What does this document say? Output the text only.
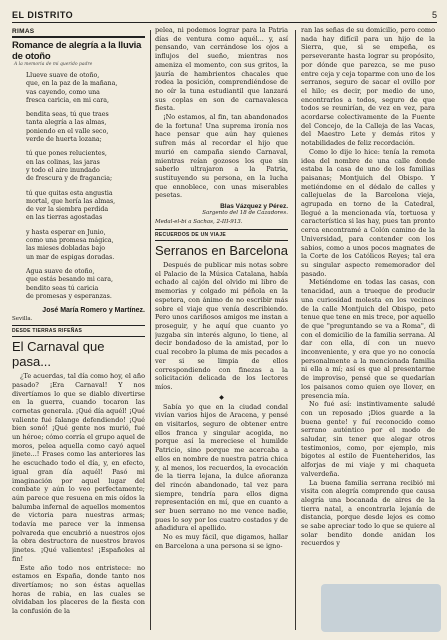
EL DISTRITO	5
RIMAS
Romance de alegría a la lluvia de otoño
A la memoria de mi querido padre
Llueve suave de otoño,
que, en la paz de la mañana,
vas cayendo, como una
fresca caricia, en mi cara,
bendita seas, tú que traes
tanta alegría a las almas,
poniendo en el valle seco,
verde de huerta lozana;
tú que pones relucientes,
en las colinas, las jaras
y todo el aire inundado
de frescura y de fragancia;
tú que quitas esta angustia
mortal, que hería las almas,
de ver la siembra perdida
en las tierras agostadas
y hasta esperar en Junio,
como una promesa mágica,
las mieses dobladas bajo
un mar de espigas doradas.
Agua suave de otoño,
que estás besando mi cara,
bendito seas tú caricia
de promesas y esperanzas.
José María Romero y Martínez.
Sevilla.
DESDE TIERRAS RIFEÑAS
El Carnaval que pasa...

¿Te acuerdas, tal día como hoy, el año pasado? ¡Era Carnaval! Y nos divertíamos lo que se diablo divertirse en la guerra, cuando tocaron las cornetas generala. ¡Qué día aquél! ¡Qué valiente fué falange defendiendo! ¡Qué bien sonó! ¡Qué gente nos murió, fué un héroe; cómo corría el grupo aquel de moros, pelea aquella como cayó aquel jinete...! Frases como las anteriores las he escuchado todo el día, y, en efecto, igual gran día aquél! Pasó mi imaginación por aquel lugar del combate y aún lo veo perfectamente; aún parece que resuena en mis oídos la balumba infernal de aquellos momentos de victoria para nuestras armas; todavía me parece ver la inmensa polvareda que encubrió a nuestros ojos la obra destructora de nuestros bravos jinetes. ¡Qué valientes! ¡Españoles al fin!

Este año todo nos entristece: no estamos en España, donde tanto nos divertíamos; no son éstas aquellas horas de rabia, en las cuales se olvidaban los placeres de la fiesta con la confusión de la

pelea, ni podemos lograr para la Patria días de ventura como aquél... y, así pensando, van cerrándose los ojos a influjos del sueño, mientras nos ameniza el momento, con sus gritos, la jauría de hambrientos chacales que rodea la posición, comprendiéndose de no oír la tuna estudiantil que lanzará sus coplas en son de carnavalesca fiesta.

¡No estamos, al fin, tan abandonados de la fortuna! Una suprema ironía nos hace pensar que aún hay quienes sufren más al recordar el hijo que murió en campaña siendo Carnaval, mientras reían gozosos los que sin saberlo ultrajaron a la Patria, sustituyendo su persona, en la lucha que ennoblece, con unas miserables pesetas.

Blas Vázquez y Pérez.
Sargento del 18 de Cazadores.
Medal-el-bi a Sachas, 2-III-913.
RECUERDOS DE UN VIAJE
Serranos en Barcelona

Después de publicar mis notas sobre el Palacio de la Música Catalana, había echado al cajón del olvido mi libro de memorias y colgado mi péñola en la espetera, con ánimo de no escribir más sobre el viaje que venía describiendo. Pero unos cariñosos amigos me instan a proseguir, y he aquí que cuanto yo juzgaba sin interés alguno, lo tiene, al decir bondadoso de la amistad, por lo cual recobro la pluma de mis pecados a ver si se limpia de ellos correspondiendo con finezas a la solicitación delicada de los lectores míos.

◆

Sabía yo que en la ciudad condal vivían varios hijos de Aracena, y pensé en visitarlos, seguro de obtener entre ellos franca y singular acogida, no porque así la mereciese el humilde Patricio, sino porque me acercaba a ellos en nombre de nuestra patria chica y, al menos, los recuerdos, la evocación de la tierra lejana, la dulce añoranza del rincón abandonado, tal vez para siempre, tendría para ellos digna representación en mí, que en cuanto a ser buen serrano no me vence nadie, pues lo soy por los cuatro costados y de añadidura el apellido.

No es muy fácil, que digamos, hallar en Barcelona a una persona si se igno-

ran las señas de su domicilio, pero como nada hay difícil para un hijo de la Sierra, que, si se empeña, es perseverante hasta lograr su propósito, por dónde que parezca, se me puso entre ceja y ceja toparme con uno de los serranos, seguro de sacar el ovillo por el hilo; es decir, por medio de uno, encontrarlos a todos, seguro de que todos se reunirían, de vez en vez, para acordarse colectivamente de la Fuente del Concejo, de la Calleja de las Vacas, del Maestro Lete y demás ritos y notabilidades de feliz recordación.

Como lo dije lo hice: tenía la remota idea del nombre de una calle donde estaba la casa de uno de los familias paisanas; Montjuich del Obispo. Y metiéndome en el dédalo de calles y callejuelas de la Barcelona vieja, agrupada en torno de la Catedral, llegué a la mencionada vía, tortuosa y característica si las hay, pues tan pronto cerca encontramé a Colón camino de la Universidad, para contender con los sabios, como a unos pocos magnates de la Corte de los Católicos Reyes; tal era su singular aspecto rememorador del pasado.

Metiéndome en todas las casas, con tenacidad, aun a trueque de producir una curiosidad molesta en los vecinos de la calle Montjuich del Obispo, peto tenue que tene en mis trece, por aquello de que "preguntando se va a Roma", di con el domicilio de la familia serrana. Al dar con ella, dí con un nuevo inconveniente, y era que yo no conocía personalmente a la mencionada familia ni ella a mí; así es que al presentarme de improviso, pensé que se quedarían los paisanos como quien oye llover, en presencia mía.

No fué así: instintivamente saludé con un reposado ¡Dios guarde a la buena gente! y fuí reconocido como serrano auténtico por el modo de saludar, sin tener que alegar otros testimonios, como, por ejemplo, mis bigotes al estilo de Fuenteheridos, las alforjas de mi viaje y mi chaqueta valverdeña.

La buena familia serrana recibió mi visita con alegría comprendo que causa alegría una bocanada de aires de la tierra natal, a encontrarla lejanía de distancia, porque desde lejos es como se sabe apreciar todo lo que se quiere al solar bendito donde anidan los recuerdos y
